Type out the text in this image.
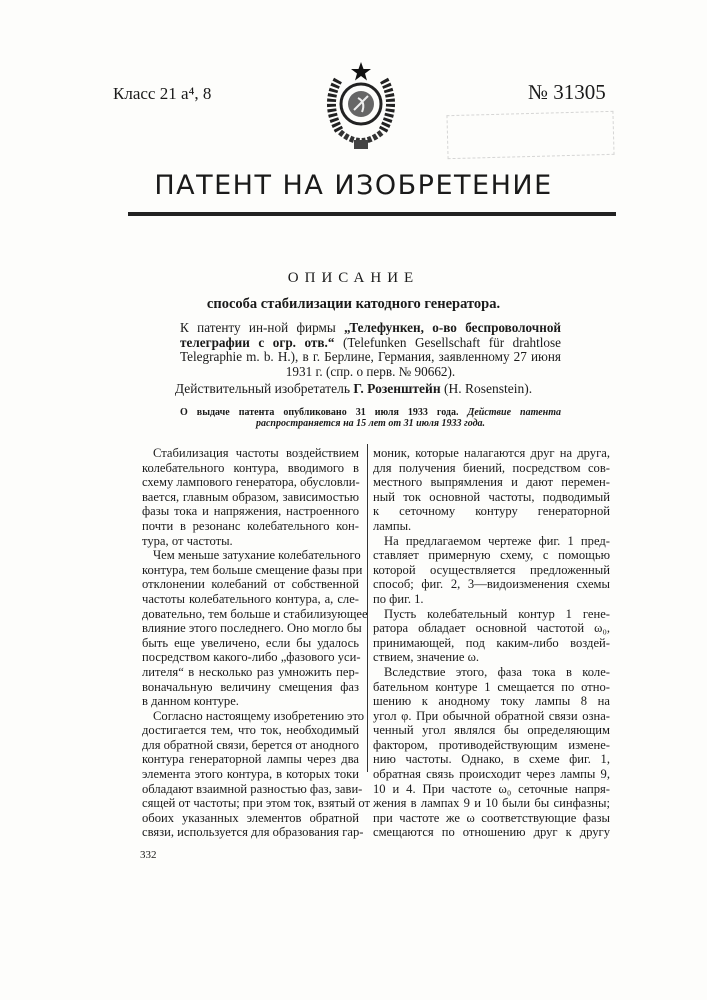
Класс 21 a⁴, 8	№ 31305
ПАТЕНТ НА ИЗОБРЕТЕНИЕ
ОПИСАНИЕ
способа стабилизации катодного генератора.
К патенту ин-ной фирмы „Телефункен, о-во беспроволочной телеграфии с огр. отв.“ (Telefunken Gesellschaft für drahtlose Telegraphie m. b. H.), в г. Берлине, Германия, заявленному 27 июня 1931 г. (спр. о перв. № 90662).
Действительный изобретатель Г. Розенштейн (H. Rosenstein).
О выдаче патента опубликовано 31 июля 1933 года. Действие патента распространяется на 15 лет от 31 июля 1933 года.
Стабилизация частоты воздействием
колебательного контура, вводимого в
схему лампового генератора, обусловли-
вается, главным образом, зависимостью
фазы тока и напряжения, настроенного
почти в резонанс колебательного кон-
тура, от частоты.
Чем меньше затухание колебательного
контура, тем больше смещение фазы при
отклонении колебаний от собственной
частоты колебательного контура, а, сле-
довательно, тем больше и стабилизующее
влияние этого последнего. Оно могло бы
быть еще увеличено, если бы удалось
посредством какого-либо „фазового уси-
лителя“ в несколько раз умножить пер-
воначальную величину смещения фаз
в данном контуре.
Согласно настоящему изобретению это
достигается тем, что ток, необходимый
для обратной связи, берется от анодного
контура генераторной лампы через два
элемента этого контура, в которых токи
обладают взаимной разностью фаз, зави-
сящей от частоты; при этом ток, взятый от
обоих указанных элементов обратной
связи, используется для образования гар-
моник, которые налагаются друг на друга,
для получения биений, посредством сов-
местного выпрямления и дают перемен-
ный ток основной частоты, подводимый
к сеточному контуру генераторной
лампы.
На предлагаемом чертеже фиг. 1 пред-
ставляет примерную схему, с помощью
которой осуществляется предложенный
способ; фиг. 2, 3—видоизменения схемы
по фиг. 1.
Пусть колебательный контур 1 гене-
ратора обладает основной частотой ω₀,
принимающей, под каким-либо воздей-
ствием, значение ω.
Вследствие этого, фаза тока в коле-
бательном контуре 1 смещается по отно-
шению к анодному току лампы 8 на
угол φ. При обычной обратной связи озна-
ченный угол являлся бы определяющим
фактором, противодействующим измене-
нию частоты. Однако, в схеме фиг. 1,
обратная связь происходит через лампы 9,
10 и 4. При частоте ω₀ сеточные напря-
жения в лампах 9 и 10 были бы синфазны;
при частоте же ω соответствующие фазы
смещаются по отношению друг к другу
332
